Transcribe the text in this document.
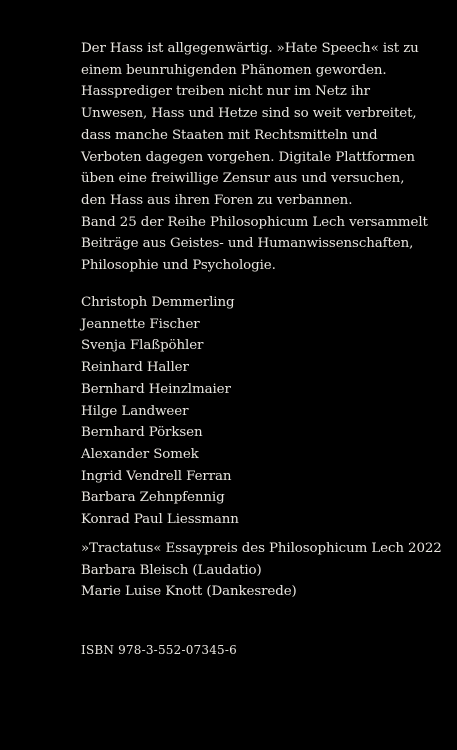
Der Hass ist allgegenwärtig. »Hate Speech« ist zu

einem beunruhigenden Phänomen geworden.

Hassprediger treiben nicht nur im Netz ihr

Unwesen, Hass und Hetze sind so weit verbreitet,

dass manche Staaten mit Rechtsmitteln und

Verboten dagegen vorgehen. Digitale Plattformen

üben eine freiwillige Zensur aus und versuchen,

den Hass aus ihren Foren zu verbannen.

Band 25 der Reihe Philosophicum Lech versammelt

Beiträge aus Geistes- und Humanwissenschaften,

Philosophie und Psychologie.

Christoph Demmerling
Jeannette Fischer
Svenja Flaßpöhler
Reinhard Haller
Bernhard Heinzlmaier
Hilge Landweer
Bernhard Pörksen
Alexander Somek
Ingrid Vendrell Ferran
Barbara Zehnpfennig
Konrad Paul Liessmann
»Tractatus« Essaypreis des Philosophicum Lech 2022
Barbara Bleisch (Laudatio)
Marie Luise Knott (Dankesrede)
ISBN 978-3-552-07345-6
